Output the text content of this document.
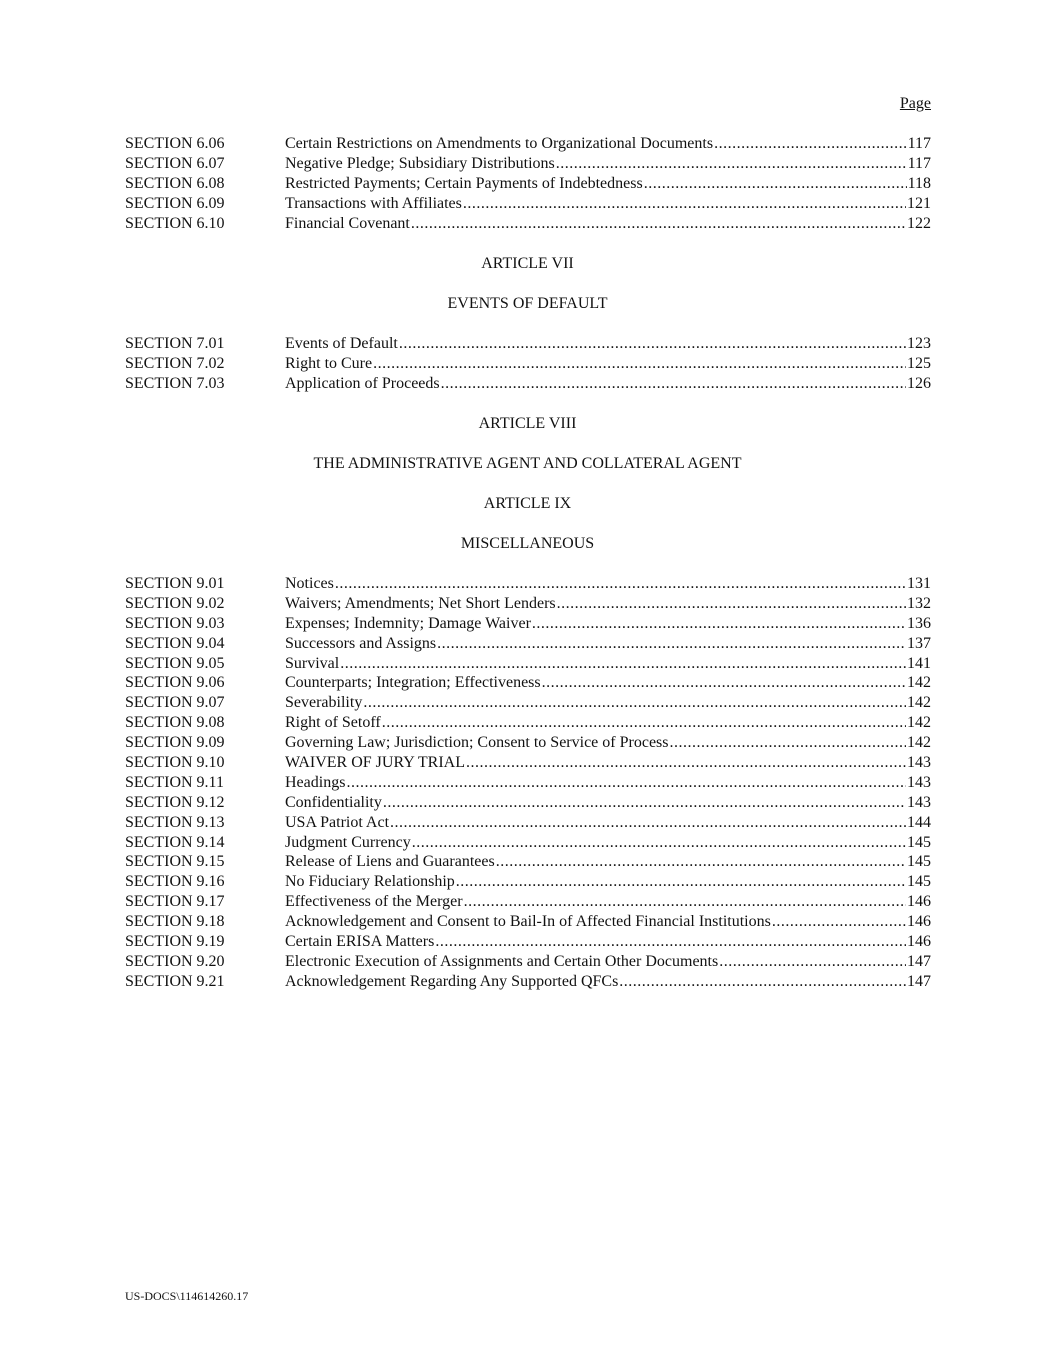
Page
SECTION 6.06	Certain Restrictions on Amendments to Organizational Documents .....	117
SECTION 6.07	Negative Pledge; Subsidiary Distributions .....	117
SECTION 6.08	Restricted Payments; Certain Payments of Indebtedness .....	118
SECTION 6.09	Transactions with Affiliates .....	121
SECTION 6.10	Financial Covenant .....	122
ARTICLE VII
EVENTS OF DEFAULT
SECTION 7.01	Events of Default .....	123
SECTION 7.02	Right to Cure .....	125
SECTION 7.03	Application of Proceeds .....	126
ARTICLE VIII
THE ADMINISTRATIVE AGENT AND COLLATERAL AGENT
ARTICLE IX
MISCELLANEOUS
SECTION 9.01	Notices .....	131
SECTION 9.02	Waivers; Amendments; Net Short Lenders .....	132
SECTION 9.03	Expenses; Indemnity; Damage Waiver .....	136
SECTION 9.04	Successors and Assigns .....	137
SECTION 9.05	Survival .....	141
SECTION 9.06	Counterparts; Integration; Effectiveness .....	142
SECTION 9.07	Severability .....	142
SECTION 9.08	Right of Setoff .....	142
SECTION 9.09	Governing Law; Jurisdiction; Consent to Service of Process .....	142
SECTION 9.10	WAIVER OF JURY TRIAL .....	143
SECTION 9.11	Headings .....	143
SECTION 9.12	Confidentiality .....	143
SECTION 9.13	USA Patriot Act .....	144
SECTION 9.14	Judgment Currency .....	145
SECTION 9.15	Release of Liens and Guarantees .....	145
SECTION 9.16	No Fiduciary Relationship .....	145
SECTION 9.17	Effectiveness of the Merger .....	146
SECTION 9.18	Acknowledgement and Consent to Bail-In of Affected Financial Institutions .....	146
SECTION 9.19	Certain ERISA Matters .....	146
SECTION 9.20	Electronic Execution of Assignments and Certain Other Documents .....	147
SECTION 9.21	Acknowledgement Regarding Any Supported QFCs .....	147
US-DOCS\114614260.17
